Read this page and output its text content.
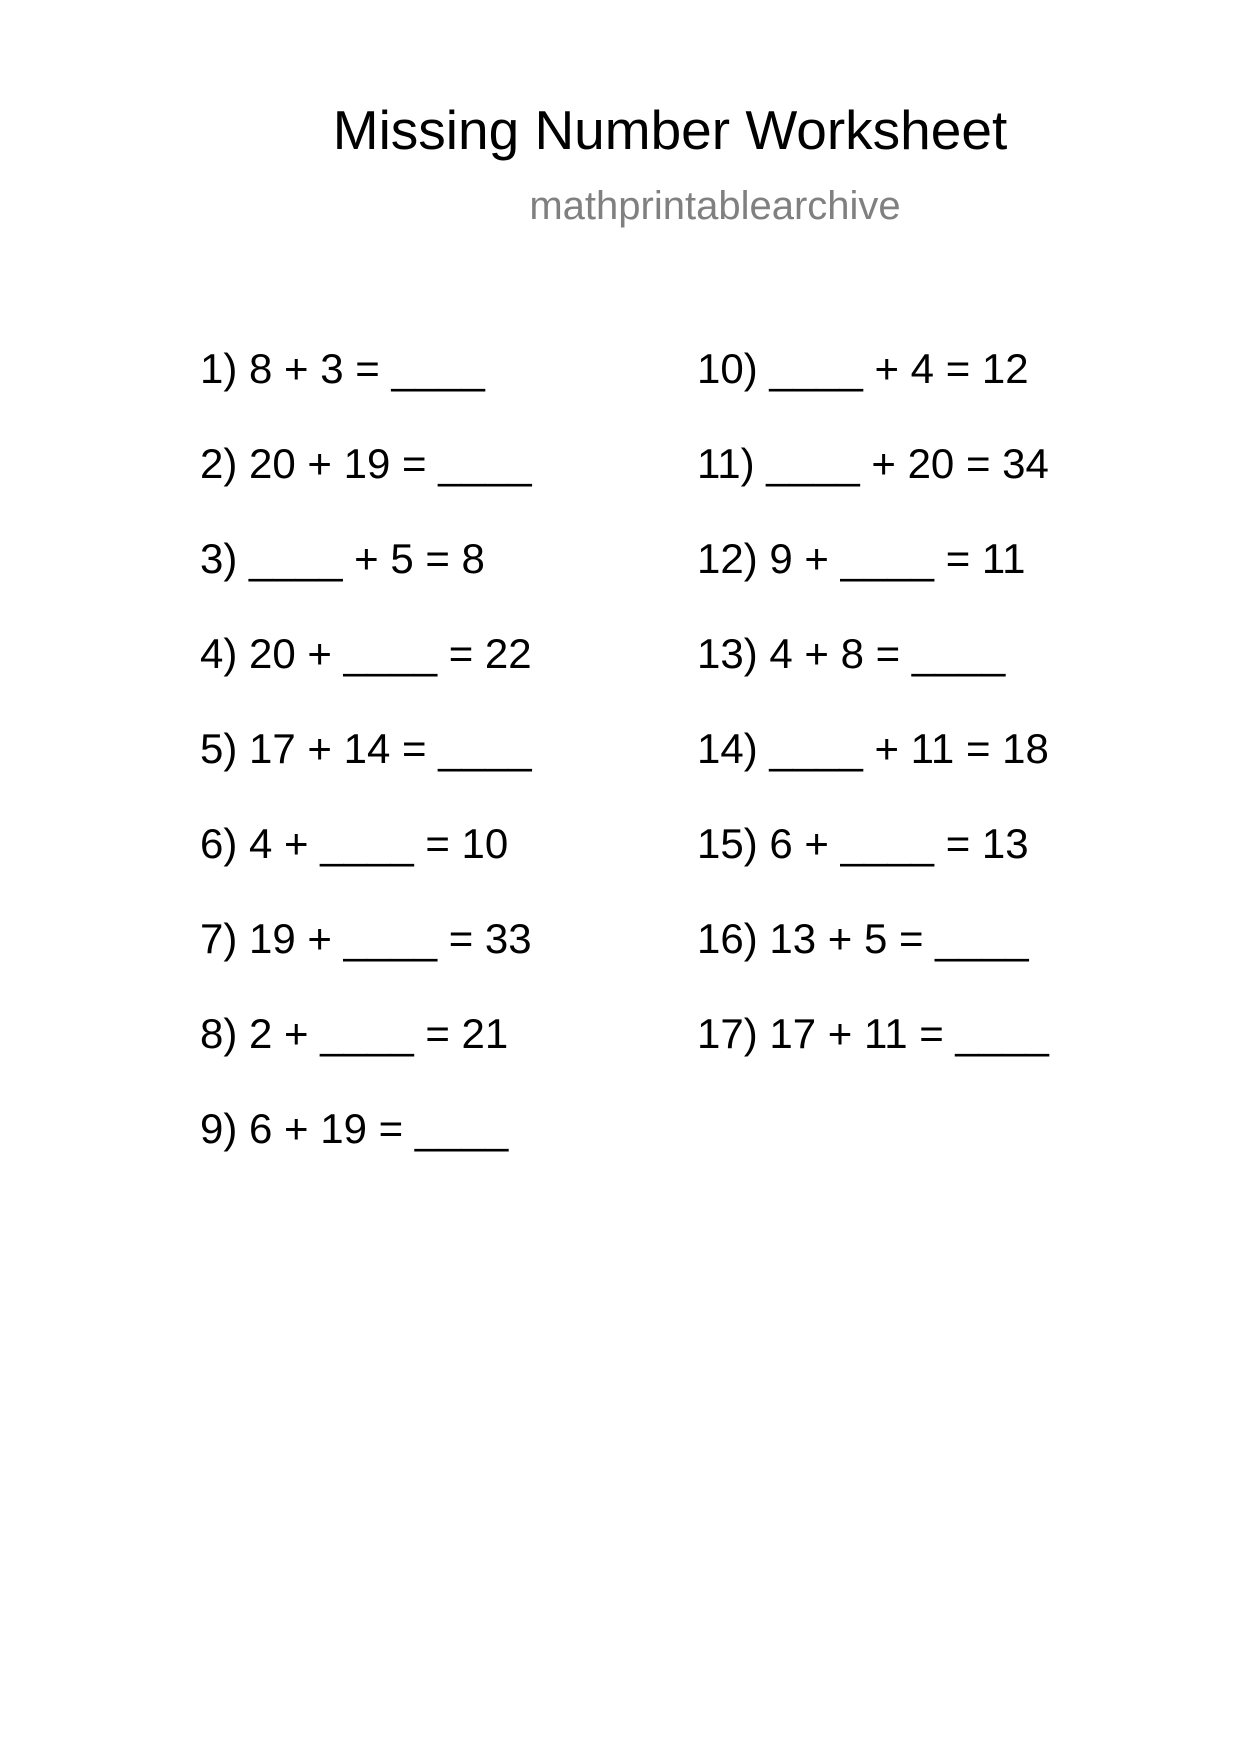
Missing Number Worksheet
mathprintablearchive
1) 8 + 3 = ____
2) 20 + 19 = ____
3) ____ + 5 = 8
4) 20 + ____ = 22
5) 17 + 14 = ____
6) 4 + ____ = 10
7) 19 + ____ = 33
8) 2 + ____ = 21
9) 6 + 19 = ____
10) ____ + 4 = 12
11) ____ + 20 = 34
12) 9 + ____ = 11
13) 4 + 8 = ____
14) ____ + 11 = 18
15) 6 + ____ = 13
16) 13 + 5 = ____
17) 17 + 11 = ____
